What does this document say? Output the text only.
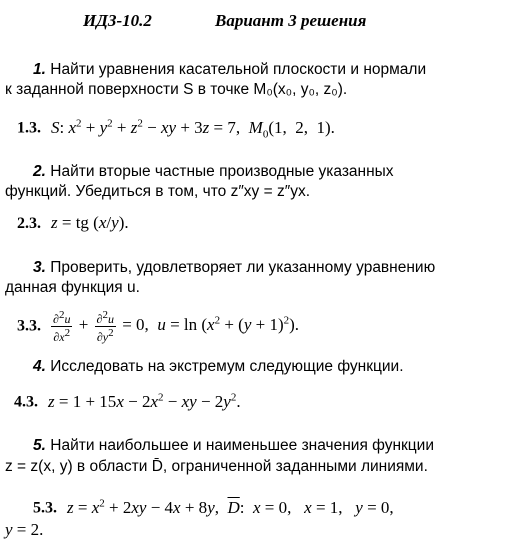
ИДЗ-10.2	Вариант 3 решения
1. Найти уравнения касательной плоскости и нормали
к заданной поверхности S в точке M₀(x₀, y₀, z₀).
1.3. S: $x^2 + y^2 + z^2$ − xy + 3z = 7,  $M_0(1$,  2,  1).
2. Найти вторые частные производные указанных
функций. Убедиться в том, что z″xy = z″yx.
2.3. z = tg (x/y).
3. Проверить, удовлетворяет ли указанному уравнению
данная функция u.
3.3. $\frac{\partial^2u}{\partial x^2} + \frac{\partial^2u}{\partial y^2} = 0$,  $u = \ln (x^2 + (y + 1)^2)$.
4. Исследовать на экстремум следующие функции.
4.3. $z = 1 + 15x - 2x^2$ − xy − $2y^2$.
5. Найти наибольшее и наименьшее значения функции
z = z(x, y) в области D̄, ограниченной заданными линиями.
5.3. $z = x^2 + 2xy - 4x + 8y$,  $\overline{D}$:  x = 0,   x = 1,   y = 0,
y = 2.
